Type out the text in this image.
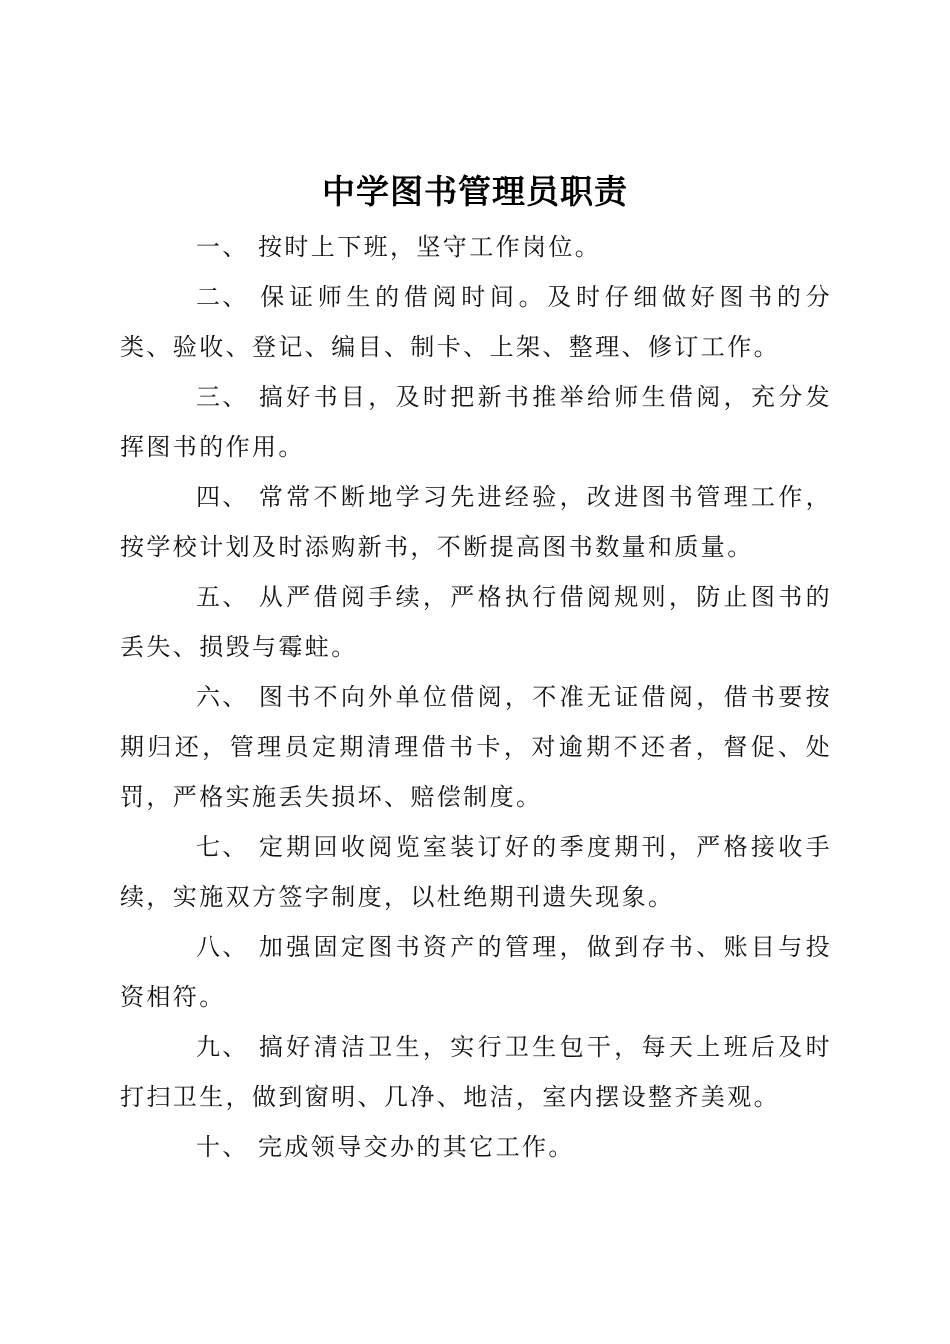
中学图书管理员职责

一、 按时上下班，坚守工作岗位。

二、 保证师生的借阅时间。及时仔细做好图书的分类、验收、登记、编目、制卡、上架、整理、修订工作。

三、 搞好书目，及时把新书推举给师生借阅，充分发挥图书的作用。

四、 常常不断地学习先进经验，改进图书管理工作，按学校计划及时添购新书，不断提高图书数量和质量。

五、 从严借阅手续，严格执行借阅规则，防止图书的丢失、损毁与霉蛀。

六、 图书不向外单位借阅，不准无证借阅，借书要按期归还，管理员定期清理借书卡，对逾期不还者，督促、处罚，严格实施丢失损坏、赔偿制度。

七、 定期回收阅览室装订好的季度期刊，严格接收手续，实施双方签字制度，以杜绝期刊遗失现象。

八、 加强固定图书资产的管理，做到存书、账目与投资相符。

九、 搞好清洁卫生，实行卫生包干，每天上班后及时打扫卫生，做到窗明、几净、地洁，室内摆设整齐美观。

十、 完成领导交办的其它工作。
